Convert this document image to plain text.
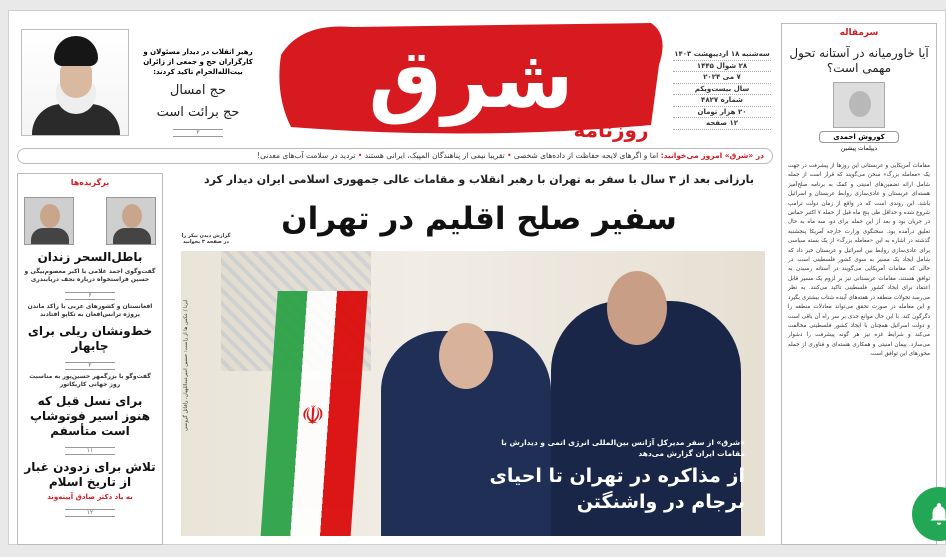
رهبر انقلاب در دیدار مسئولان و کارگزاران حج و جمعی از زائران بیت‌الله‌الحرام تاکید کردند:
حج امسال
حج برائت است
۲
شرق
روزنامه
سه‌شنبه ۱۸ اردیبهشت ۱۴۰۳
۲۸ شوال ۱۴۴۵
۷ می ۲۰۲۴
سال بیست‌ویکم
شماره ۴۸۲۷
۲۰ هزار تومان
۱۲ صفحه
سرمقاله
آیا خاورمیانه در آستانه تحول مهمی است؟
کوروش احمدی
دیپلمات پیشین
مقامات آمریکایی و عربستانی این روزها از پیشرفت در جهت یک «معامله بزرگ» سخن می‌گویند که قرار است از جمله شامل ارائه تضمین‌های امنیتی و کمک به برنامه صلح‌آمیز هسته‌ای عربستان و عادی‌سازی روابط عربستان و اسرائیل باشد. این روندی است که در واقع از زمان دولت ترامپ شروع شده و حداقل طی پنج ماه قبل از حمله ۷ اکتبر حماس در جریان بود و بعد از این حمله برای دو، سه ماه به حال تعلیق درآمده بود. سخنگوی وزارت خارجه آمریکا پنجشنبه گذشته در اشاره به این «معامله بزرگ» از یک بسته سیاسی برای عادی‌سازی روابط بین اسرائیل و عربستان خبر داد که شامل ایجاد یک مسیر به سوی کشور فلسطینی است. در حالی که مقامات آمریکایی می‌گویند در آستانه رسیدن به توافق هستند، مقامات عربستانی نیز بر لزوم یک مسیر قابل اعتماد برای ایجاد کشور فلسطینی تاکید می‌کنند. به نظر می‌رسد تحولات منطقه در هفته‌های آینده شتاب بیشتری بگیرد و این معامله در صورت تحقق می‌تواند معادلات منطقه را دگرگون کند. با این حال موانع جدی بر سر راه آن باقی است و دولت اسرائیل همچنان با ایجاد کشور فلسطینی مخالفت می‌کند و شرایط غزه نیز هر گونه پیشرفت را دشوار می‌سازد. پیمان امنیتی و همکاری هسته‌ای و فناوری از جمله محورهای این توافق است.
در «شرق» امروز می‌خوانید: اما و اگرهای لایحه حفاظت از داده‌های شخصی • تقریبا نیمی از پناهندگان المپیک، ایرانی هستند • تردید در سلامت آب‌های معدنی!
برگزیده‌ها
باطل‌السحر زندان
گفت‌وگوی احمد غلامی با اکبر معصوم‌بیگی و حسین فراستخواه درباره نجف دریابندری
۶
افغانستان و کشورهای عربی با راکد ماندن پروژه ترانس‌افغان به تکاپو افتادند
خط‌ونشان ریلی برای چابهار
۲
گفت‌وگو با بزرگمهر حسین‌پور به مناسبت روز جهانی کاریکاتور
برای نسل قبل که هنوز اسیر فوتوشاپ است متأسفم
۱۱
تلاش برای زدودن غبار از تاریخ اسلام
به یاد دکتر صادق آیینه‌وند
۱۲
بارزانی بعد از ۳ سال با سفر به تهران با رهبر انقلاب و مقامات عالی جمهوری اسلامی ایران دیدار کرد
سفیر صلح اقلیم در تهران
گزارش دیدن بیکر را در صفحه ۳ بخوانید
☫
«شرق» از سفر مدیرکل آژانس بین‌المللی انرژی اتمی و دیدارش با مقامات ایران گزارش می‌دهد
از مذاکره در تهران تا احیای برجام در واشنگتن
ایرنا / عکس ها از راست: حسین امیرعبداللهیان، رافائل گروسی
